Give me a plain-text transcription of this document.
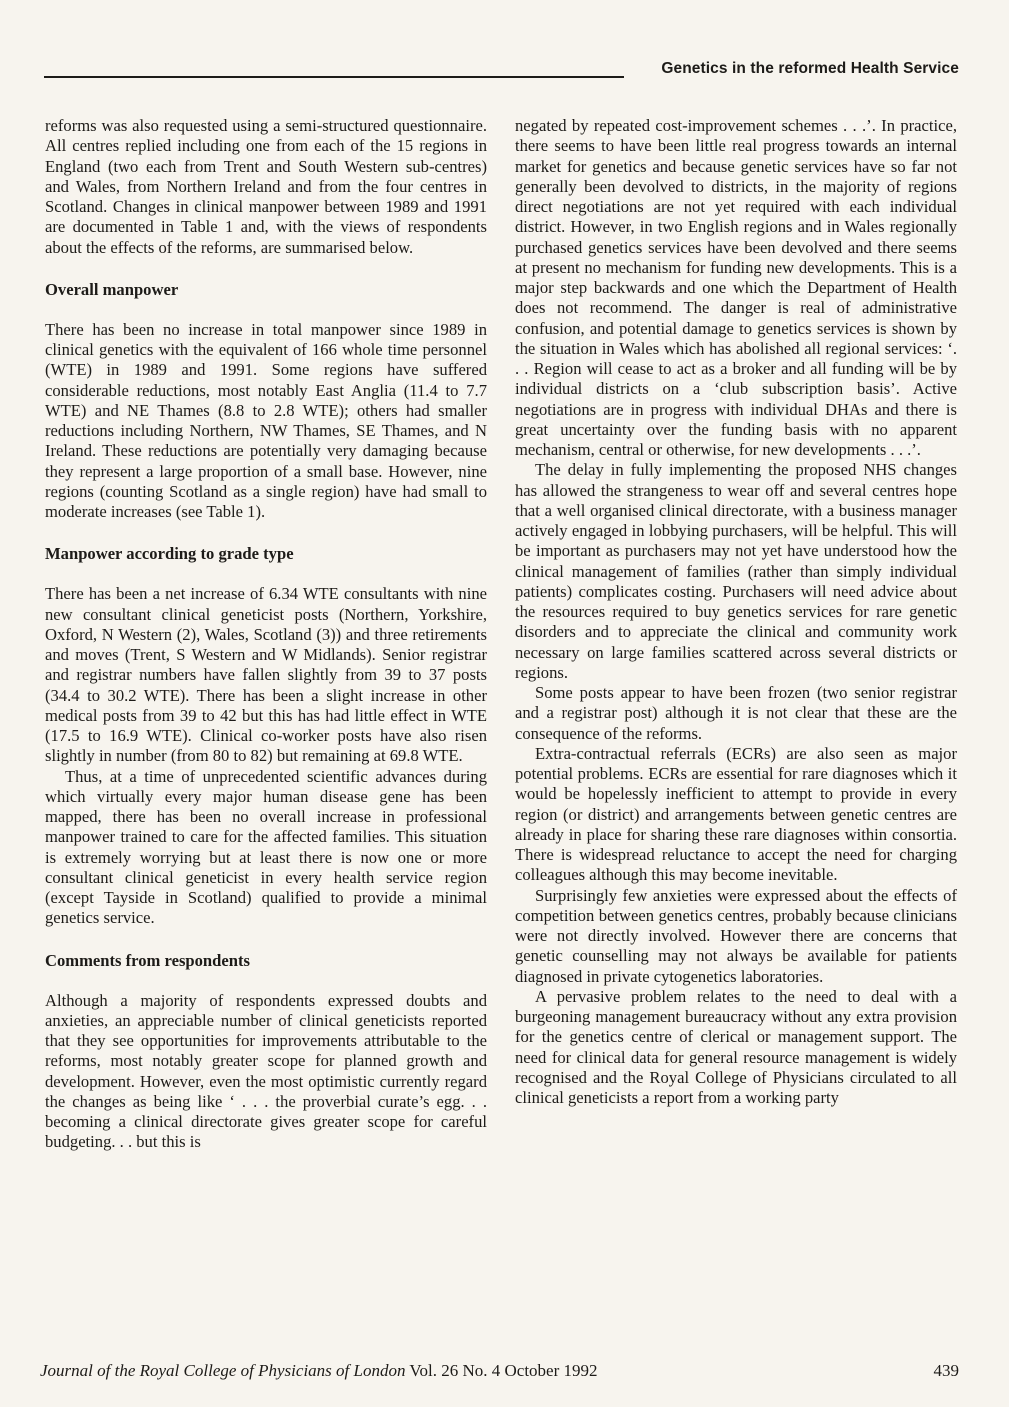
Genetics in the reformed Health Service

reforms was also requested using a semi-structured questionnaire. All centres replied including one from each of the 15 regions in England (two each from Trent and South Western sub-centres) and Wales, from Northern Ireland and from the four centres in Scotland. Changes in clinical manpower between 1989 and 1991 are documented in Table 1 and, with the views of respondents about the effects of the reforms, are summarised below.

Overall manpower

There has been no increase in total manpower since 1989 in clinical genetics with the equivalent of 166 whole time personnel (WTE) in 1989 and 1991. Some regions have suffered considerable reductions, most notably East Anglia (11.4 to 7.7 WTE) and NE Thames (8.8 to 2.8 WTE); others had smaller reductions including Northern, NW Thames, SE Thames, and N Ireland. These reductions are potentially very damaging because they represent a large proportion of a small base. However, nine regions (counting Scotland as a single region) have had small to moderate increases (see Table 1).

Manpower according to grade type

There has been a net increase of 6.34 WTE consultants with nine new consultant clinical geneticist posts (Northern, Yorkshire, Oxford, N Western (2), Wales, Scotland (3)) and three retirements and moves (Trent, S Western and W Midlands). Senior registrar and registrar numbers have fallen slightly from 39 to 37 posts (34.4 to 30.2 WTE). There has been a slight increase in other medical posts from 39 to 42 but this has had little effect in WTE (17.5 to 16.9 WTE). Clinical co-worker posts have also risen slightly in number (from 80 to 82) but remaining at 69.8 WTE.

Thus, at a time of unprecedented scientific advances during which virtually every major human disease gene has been mapped, there has been no overall increase in professional manpower trained to care for the affected families. This situation is extremely worrying but at least there is now one or more consultant clinical geneticist in every health service region (except Tayside in Scotland) qualified to provide a minimal genetics service.

Comments from respondents

Although a majority of respondents expressed doubts and anxieties, an appreciable number of clinical geneticists reported that they see opportunities for improvements attributable to the reforms, most notably greater scope for planned growth and development. However, even the most optimistic currently regard the changes as being like ‘ . . . the proverbial curate’s egg. . . becoming a clinical directorate gives greater scope for careful budgeting. . . but this is

negated by repeated cost-improvement schemes . . .’. In practice, there seems to have been little real progress towards an internal market for genetics and because genetic services have so far not generally been devolved to districts, in the majority of regions direct negotiations are not yet required with each individual district. However, in two English regions and in Wales regionally purchased genetics services have been devolved and there seems at present no mechanism for funding new developments. This is a major step backwards and one which the Department of Health does not recommend. The danger is real of administrative confusion, and potential damage to genetics services is shown by the situation in Wales which has abolished all regional services: ‘. . . Region will cease to act as a broker and all funding will be by individual districts on a ‘club subscription basis’. Active negotiations are in progress with individual DHAs and there is great uncertainty over the funding basis with no apparent mechanism, central or otherwise, for new developments . . .’.

The delay in fully implementing the proposed NHS changes has allowed the strangeness to wear off and several centres hope that a well organised clinical directorate, with a business manager actively engaged in lobbying purchasers, will be helpful. This will be important as purchasers may not yet have understood how the clinical management of families (rather than simply individual patients) complicates costing. Purchasers will need advice about the resources required to buy genetics services for rare genetic disorders and to appreciate the clinical and community work necessary on large families scattered across several districts or regions.

Some posts appear to have been frozen (two senior registrar and a registrar post) although it is not clear that these are the consequence of the reforms.

Extra-contractual referrals (ECRs) are also seen as major potential problems. ECRs are essential for rare diagnoses which it would be hopelessly inefficient to attempt to provide in every region (or district) and arrangements between genetic centres are already in place for sharing these rare diagnoses within consortia. There is widespread reluctance to accept the need for charging colleagues although this may become inevitable.

Surprisingly few anxieties were expressed about the effects of competition between genetics centres, probably because clinicians were not directly involved. However there are concerns that genetic counselling may not always be available for patients diagnosed in private cytogenetics laboratories.

A pervasive problem relates to the need to deal with a burgeoning management bureaucracy without any extra provision for the genetics centre of clerical or management support. The need for clinical data for general resource management is widely recognised and the Royal College of Physicians circulated to all clinical geneticists a report from a working party

Journal of the Royal College of Physicians of London Vol. 26 No. 4 October 1992	439
